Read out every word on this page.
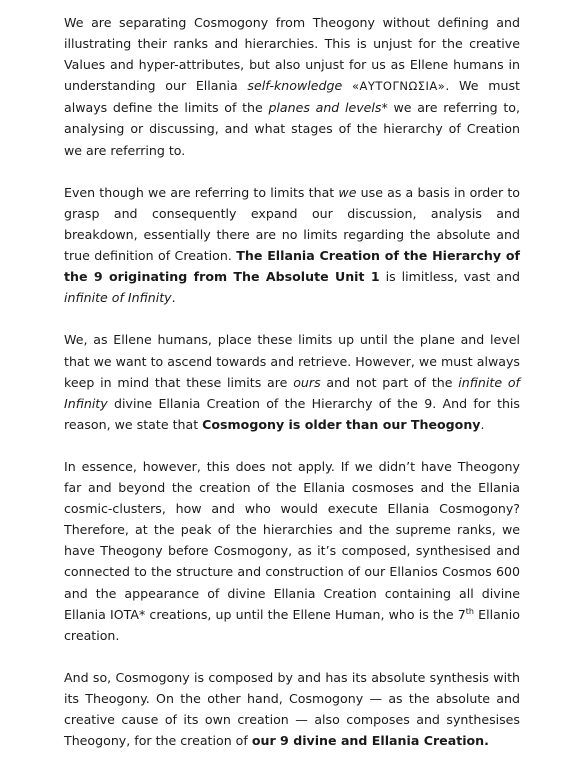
We are separating Cosmogony from Theogony without defining and illustrating their ranks and hierarchies. This is unjust for the creative Values and hyper-attributes, but also unjust for us as Ellene humans in understanding our Ellania self-knowledge «ΑΥΤΟΓΝΩΣΙΑ». We must always define the limits of the planes and levels* we are referring to, analysing or discussing, and what stages of the hierarchy of Creation we are referring to.

Even though we are referring to limits that we use as a basis in order to grasp and consequently expand our discussion, analysis and breakdown, essentially there are no limits regarding the absolute and true definition of Creation. The Ellania Creation of the Hierarchy of the 9 originating from The Absolute Unit 1 is limitless, vast and infinite of Infinity.

We, as Ellene humans, place these limits up until the plane and level that we want to ascend towards and retrieve. However, we must always keep in mind that these limits are ours and not part of the infinite of Infinity divine Ellania Creation of the Hierarchy of the 9. And for this reason, we state that Cosmogony is older than our Theogony.

In essence, however, this does not apply. If we didn’t have Theogony far and beyond the creation of the Ellania cosmoses and the Ellania cosmic-clusters, how and who would execute Ellania Cosmogony? Therefore, at the peak of the hierarchies and the supreme ranks, we have Theogony before Cosmogony, as it’s composed, synthesised and connected to the structure and construction of our Ellanios Cosmos 600 and the appearance of divine Ellania Creation containing all divine Ellania IOTA* creations, up until the Ellene Human, who is the 7th Ellanio creation.

And so, Cosmogony is composed by and has its absolute synthesis with its Theogony. On the other hand, Cosmogony — as the absolute and creative cause of its own creation — also composes and synthesises Theogony, for the creation of our 9 divine and Ellania Creation.
